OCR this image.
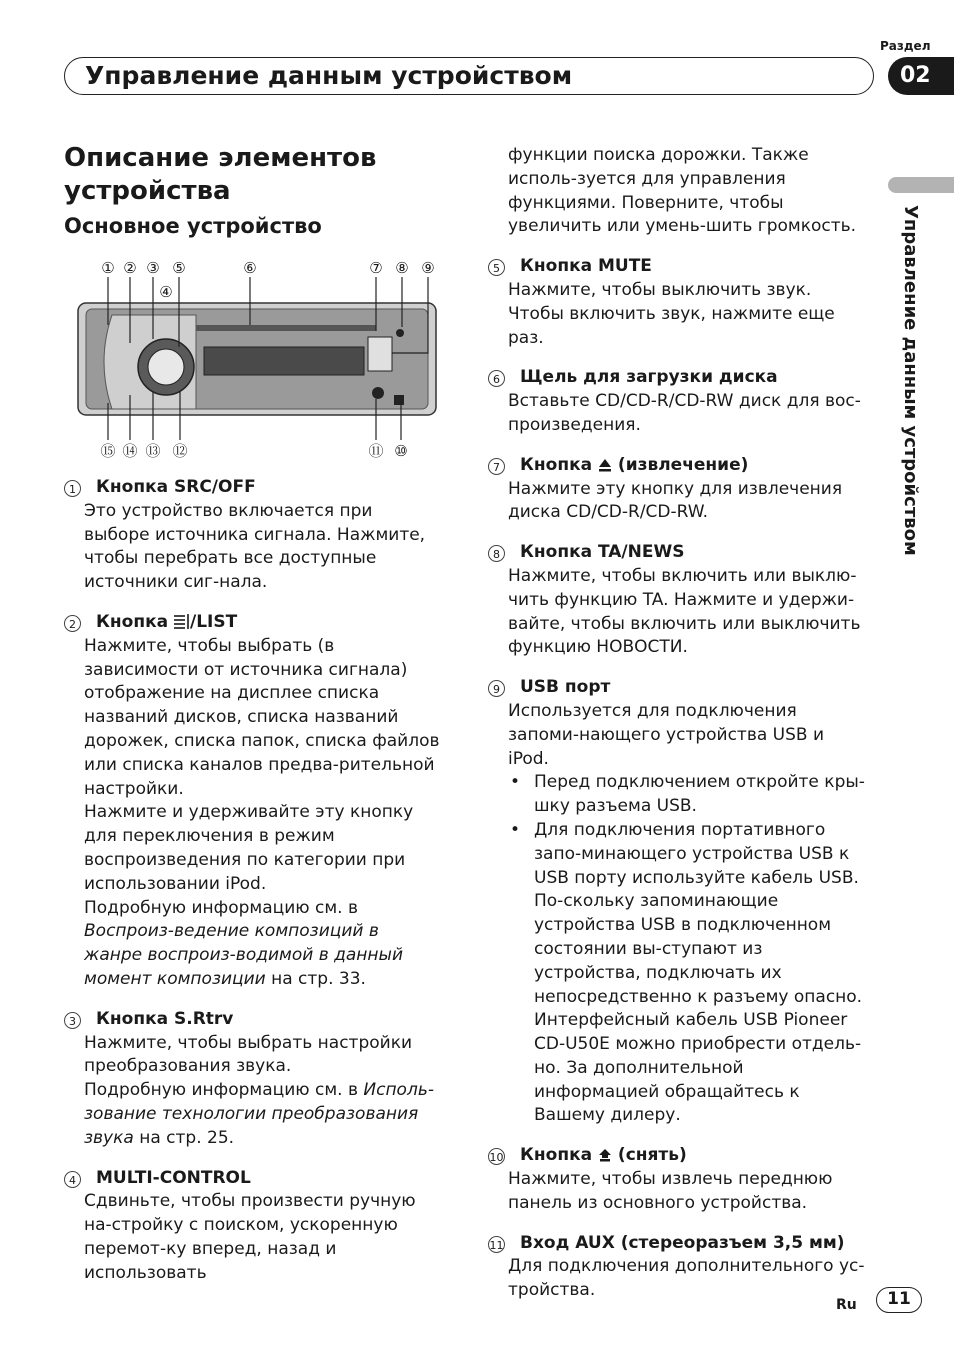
Раздел
Управление данным устройством	02
Управление данным устройством
Описание элементов устройства
Основное устройство
① ② ③ ⑤	⑥	⑦ ⑧ ⑨
④
⑮ ⑭ ⑬ ⑫	⑪ ⑩
1 Кнопка SRC/OFF
Это устройство включается при выборе источника сигнала. Нажмите, чтобы перебрать все доступные источники сиг-нала.
2 Кнопка /LIST
Нажмите, чтобы выбрать (в зависимости от источника сигнала) отображение на дисплее списка названий дисков, списка названий дорожек, списка папок, списка файлов или списка каналов предва-рительной настройки.
Нажмите и удерживайте эту кнопку для переключения в режим воспроизведения по категории при использовании iPod.
Подробную информацию см. в Воспроиз-ведение композиций в жанре воспроиз-водимой в данный момент композиции на стр. 33.
3 Кнопка S.Rtrv
Нажмите, чтобы выбрать настройки преобразования звука.
Подробную информацию см. в Исполь-зование технологии преобразования звука на стр. 25.
4 MULTI-CONTROL
Сдвиньте, чтобы произвести ручную на-стройку с поиском, ускоренную перемот-ку вперед, назад и использовать
функции поиска дорожки. Также исполь-зуется для управления функциями. Поверните, чтобы увеличить или умень-шить громкость.
5 Кнопка MUTE
Нажмите, чтобы выключить звук. Чтобы включить звук, нажмите еще раз.
6 Щель для загрузки диска
Вставьте CD/CD-R/CD-RW диск для вос-произведения.
7 Кнопка  (извлечение)
Нажмите эту кнопку для извлечения диска CD/CD-R/CD-RW.
8 Кнопка TA/NEWS
Нажмите, чтобы включить или выклю-чить функцию TA. Нажмите и удержи-вайте, чтобы включить или выключить функцию НОВОСТИ.
9 USB порт
Используется для подключения запоми-нающего устройства USB и iPod.
• Перед подключением откройте кры-шку разъема USB.
• Для подключения портативного запо-минающего устройства USB к USB порту используйте кабель USB. По-скольку запоминающие устройства USB в подключенном состоянии вы-ступают из устройства, подключать их непосредственно к разъему опасно. Интерфейсный кабель USB Pioneer CD-U50E можно приобрести отдель-но. За дополнительной информацией обращайтесь к Вашему дилеру.
10 Кнопка  (снять)
Нажмите, чтобы извлечь переднюю панель из основного устройства.
11 Вход AUX (стереоразъем 3,5 мм)
Для подключения дополнительного ус-тройства.
Ru	11
